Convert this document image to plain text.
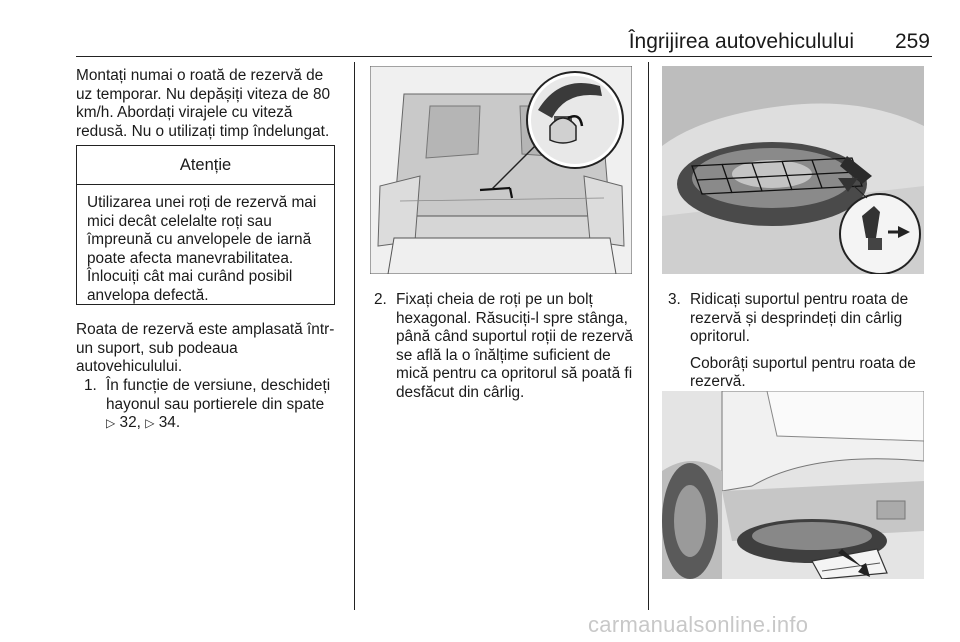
Îngrijirea autovehiculului 259

Montați numai o roată de rezervă de uz temporar. Nu depășiți viteza de 80 km/h. Abordați virajele cu viteză redusă. Nu o utilizați timp îndelungat.

Atenție
Utilizarea unei roți de rezervă mai mici decât celelalte roți sau împreună cu anvelopele de iarnă poate afecta manevrabilitatea. Înlocuiți cât mai curând posibil anvelopa defectă.

Roata de rezervă este amplasată într-un suport, sub podeaua autovehiculului.

1. În funcție de versiune, deschideți hayonul sau portierele din spate
▷ 32, ▷ 34.
2. Fixați cheia de roți pe un bolț hexagonal. Răsuciți-l spre stânga, până când suportul roții de rezervă se află la o înălțime suficient de mică pentru ca opritorul să poată fi desfăcut din cârlig.
3. Ridicați suportul pentru roata de rezervă și desprindeți din cârlig opritorul.
Coborâți suportul pentru roata de rezervă.
carmanualsonline.info
